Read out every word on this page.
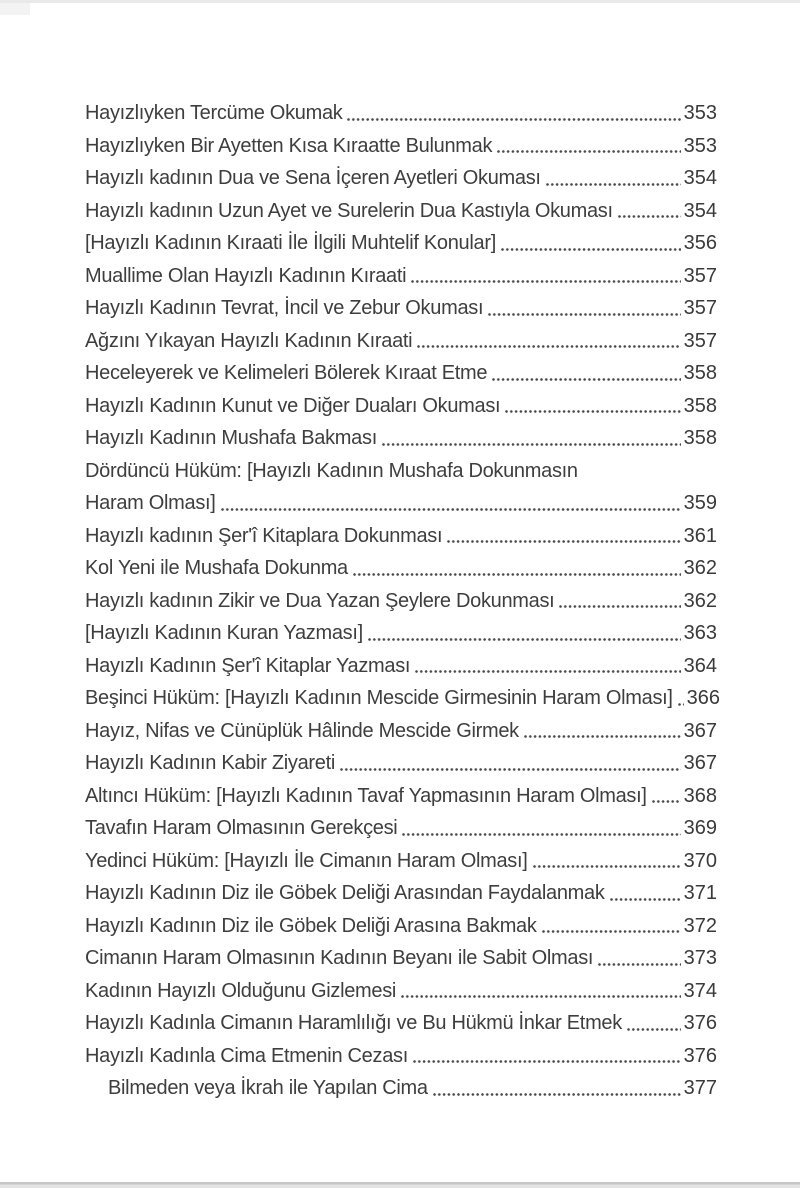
Hayızlıyken Tercüme Okumak	353
Hayızlıyken Bir Ayetten Kısa Kıraatte Bulunmak	353
Hayızlı kadının Dua ve Sena İçeren Ayetleri Okuması	354
Hayızlı kadının Uzun Ayet ve Surelerin Dua Kastıyla Okuması	354
[Hayızlı Kadının Kıraati İle İlgili Muhtelif Konular]	356
Muallime Olan Hayızlı Kadının Kıraati	357
Hayızlı Kadının Tevrat, İncil ve Zebur Okuması	357
Ağzını Yıkayan Hayızlı Kadının Kıraati	357
Heceleyerek ve Kelimeleri Bölerek Kıraat Etme	358
Hayızlı Kadının Kunut ve Diğer Duaları Okuması	358
Hayızlı Kadının Mushafa Bakması	358
Dördüncü Hüküm: [Hayızlı Kadının Mushafa Dokunmasın
Haram Olması]	359
Hayızlı kadının Şer'î Kitaplara Dokunması	361
Kol Yeni ile Mushafa Dokunma	362
Hayızlı kadının Zikir ve Dua Yazan Şeylere Dokunması	362
[Hayızlı Kadının Kuran Yazması]	363
Hayızlı Kadının Şer'î Kitaplar Yazması	364
Beşinci Hüküm: [Hayızlı Kadının Mescide Girmesinin Haram Olması] 366
Hayız, Nifas ve Cünüplük Hâlinde Mescide Girmek	367
Hayızlı Kadının Kabir Ziyareti	367
Altıncı Hüküm: [Hayızlı Kadının Tavaf Yapmasının Haram Olması] 368
Tavafın Haram Olmasının Gerekçesi	369
Yedinci Hüküm: [Hayızlı İle Cimanın Haram Olması]	370
Hayızlı Kadının Diz ile Göbek Deliği Arasından Faydalanmak	371
Hayızlı Kadının Diz ile Göbek Deliği Arasına Bakmak	372
Cimanın Haram Olmasının Kadının Beyanı ile Sabit Olması	373
Kadının Hayızlı Olduğunu Gizlemesi	374
Hayızlı Kadınla Cimanın Haramlılığı ve Bu Hükmü İnkar Etmek	376
Hayızlı Kadınla Cima Etmenin Cezası	376
Bilmeden veya İkrah ile Yapılan Cima	377
